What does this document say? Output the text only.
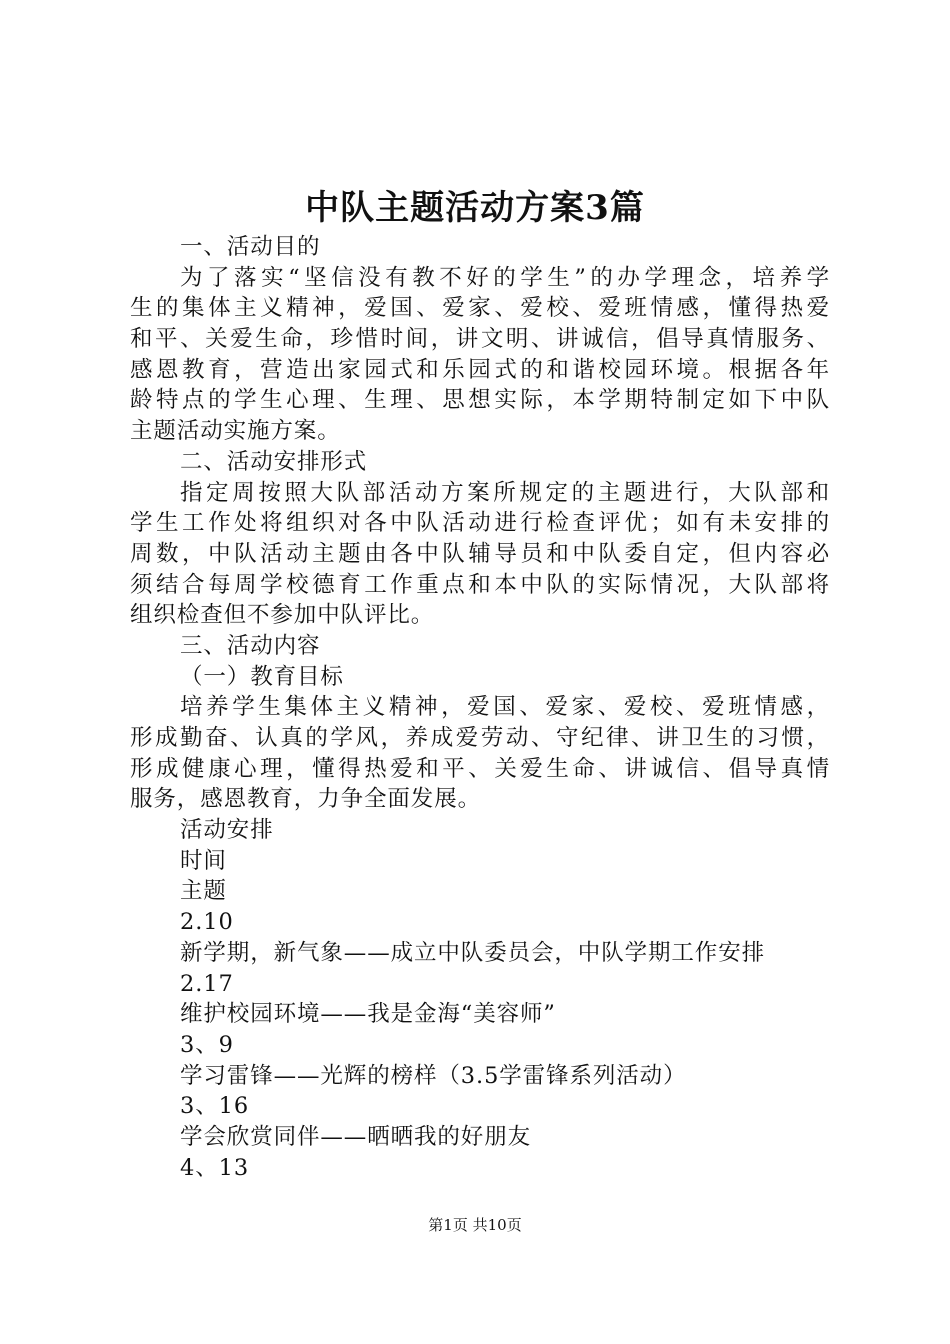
中队主题活动方案3篇
一、活动目的
为了落实“坚信没有教不好的学生”的办学理念，培养学
生的集体主义精神，爱国、爱家、爱校、爱班情感，懂得热爱
和平、关爱生命，珍惜时间，讲文明、讲诚信，倡导真情服务、
感恩教育，营造出家园式和乐园式的和谐校园环境。根据各年
龄特点的学生心理、生理、思想实际，本学期特制定如下中队
主题活动实施方案。
二、活动安排形式
指定周按照大队部活动方案所规定的主题进行，大队部和
学生工作处将组织对各中队活动进行检查评优；如有未安排的
周数，中队活动主题由各中队辅导员和中队委自定，但内容必
须结合每周学校德育工作重点和本中队的实际情况，大队部将
组织检查但不参加中队评比。
三、活动内容
（一）教育目标
培养学生集体主义精神，爱国、爱家、爱校、爱班情感，
形成勤奋、认真的学风，养成爱劳动、守纪律、讲卫生的习惯，
形成健康心理，懂得热爱和平、关爱生命、讲诚信、倡导真情
服务，感恩教育，力争全面发展。
活动安排
时间
主题
2.10
新学期，新气象——成立中队委员会，中队学期工作安排
2.17
维护校园环境——我是金海“美容师”
3、9
学习雷锋——光辉的榜样（3.5学雷锋系列活动）
3、16
学会欣赏同伴——晒晒我的好朋友
4、13
第1页 共10页
